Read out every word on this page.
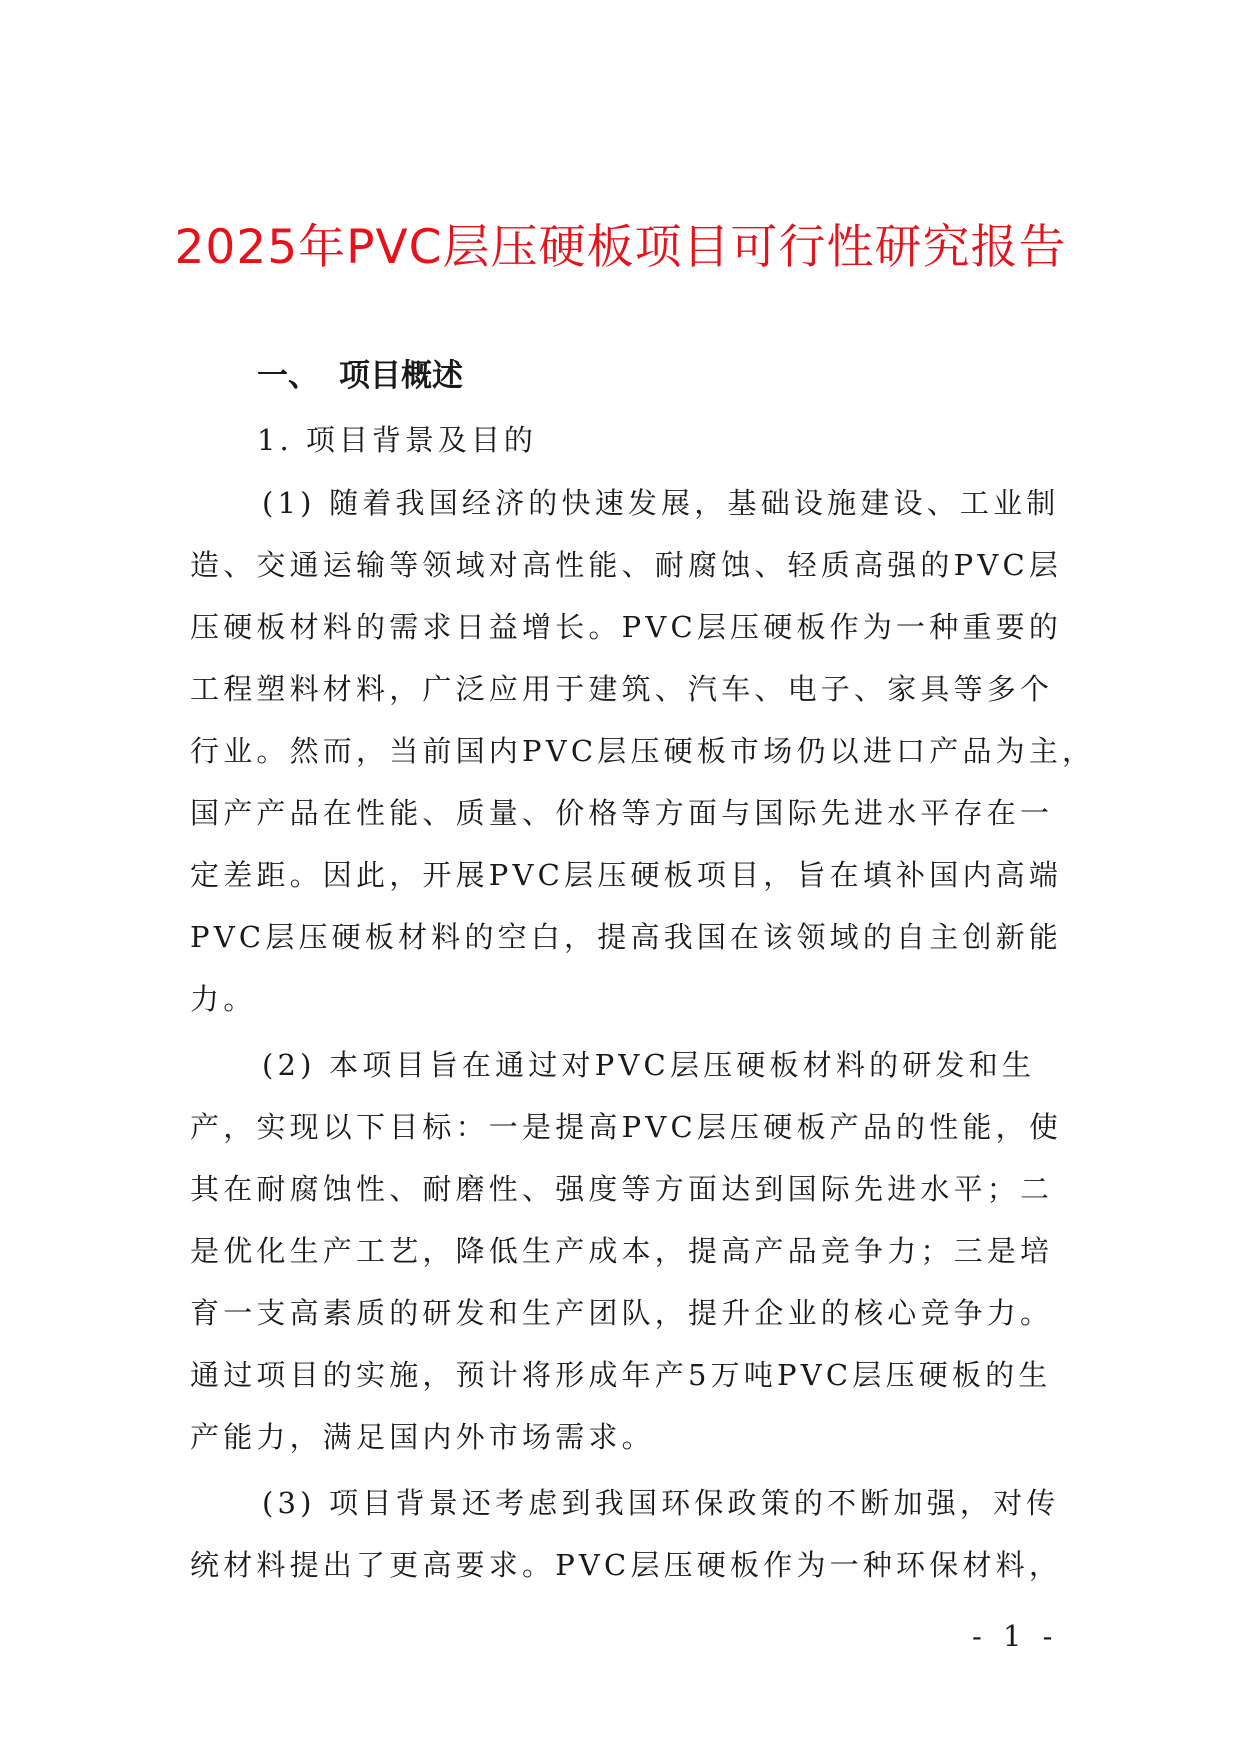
2025年PVC层压硬板项目可行性研究报告
一、 项目概述
1. 项目背景及目的
(1) 随着我国经济的快速发展，基础设施建设、工业制
造、交通运输等领域对高性能、耐腐蚀、轻质高强的PVC层
压硬板材料的需求日益增长。PVC层压硬板作为一种重要的
工程塑料材料，广泛应用于建筑、汽车、电子、家具等多个
行业。然而，当前国内PVC层压硬板市场仍以进口产品为主，
国产产品在性能、质量、价格等方面与国际先进水平存在一
定差距。因此，开展PVC层压硬板项目，旨在填补国内高端
PVC层压硬板材料的空白，提高我国在该领域的自主创新能
力。
(2) 本项目旨在通过对PVC层压硬板材料的研发和生
产，实现以下目标：一是提高PVC层压硬板产品的性能，使
其在耐腐蚀性、耐磨性、强度等方面达到国际先进水平；二
是优化生产工艺，降低生产成本，提高产品竞争力；三是培
育一支高素质的研发和生产团队，提升企业的核心竞争力。
通过项目的实施，预计将形成年产5万吨PVC层压硬板的生
产能力，满足国内外市场需求。
(3) 项目背景还考虑到我国环保政策的不断加强，对传
统材料提出了更高要求。PVC层压硬板作为一种环保材料，
- 1 -
